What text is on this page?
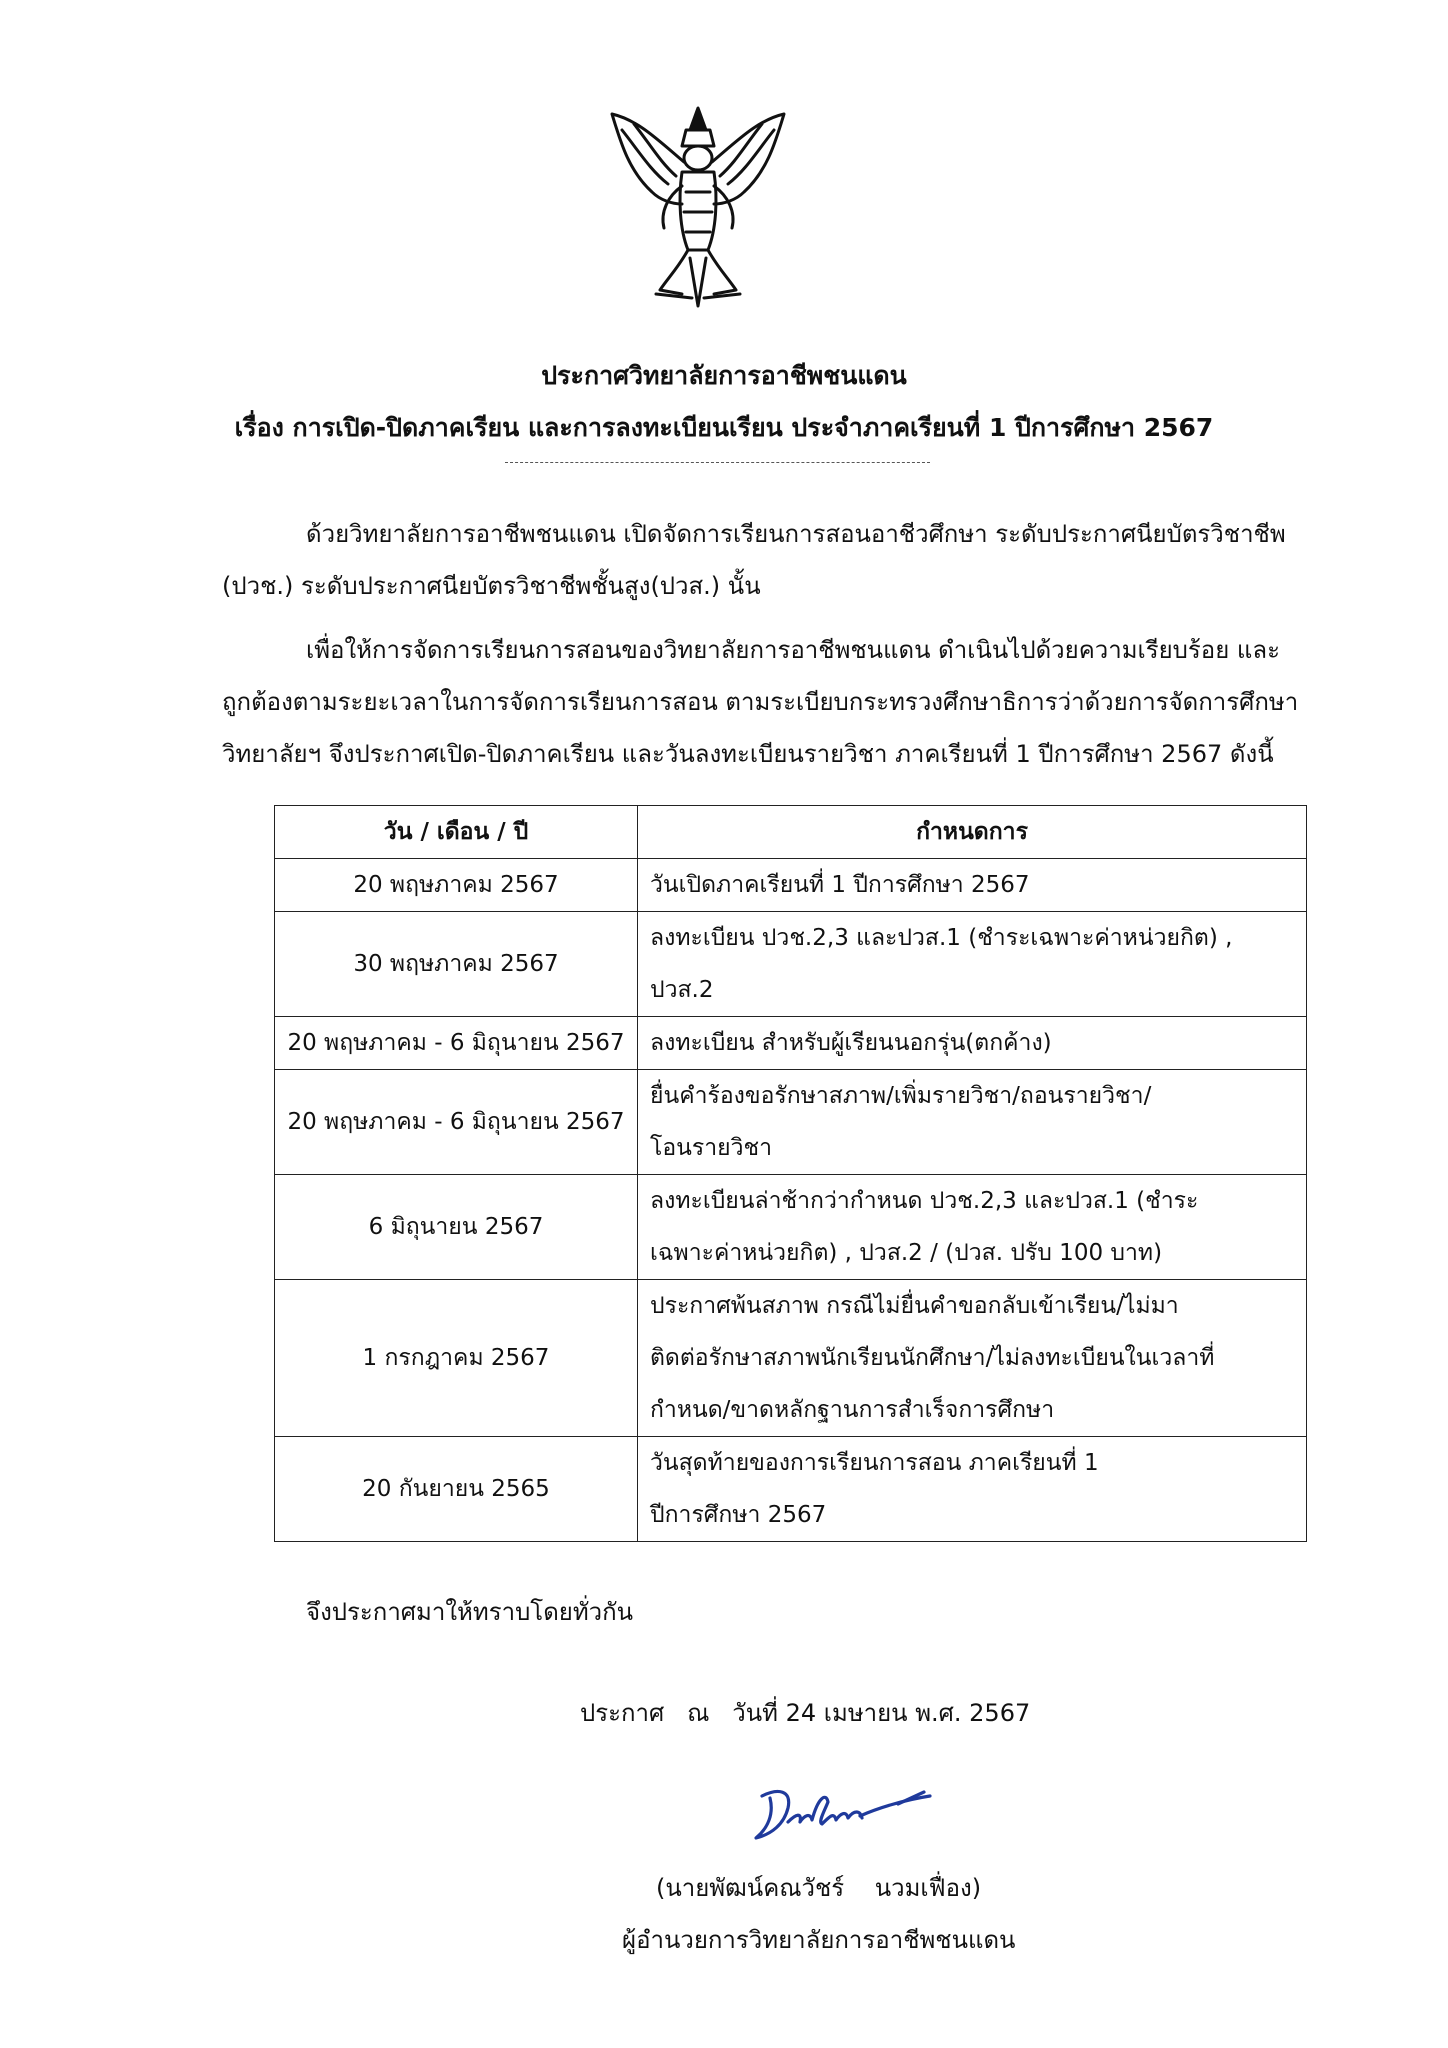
ประกาศวิทยาลัยการอาชีพชนแดน
เรื่อง การเปิด-ปิดภาคเรียน และการลงทะเบียนเรียน ประจำภาคเรียนที่ 1 ปีการศึกษา 2567
ด้วยวิทยาลัยการอาชีพชนแดน เปิดจัดการเรียนการสอนอาชีวศึกษา ระดับประกาศนียบัตรวิชาชีพ
(ปวช.) ระดับประกาศนียบัตรวิชาชีพชั้นสูง(ปวส.) นั้น
เพื่อให้การจัดการเรียนการสอนของวิทยาลัยการอาชีพชนแดน ดำเนินไปด้วยความเรียบร้อย และ
ถูกต้องตามระยะเวลาในการจัดการเรียนการสอน ตามระเบียบกระทรวงศึกษาธิการว่าด้วยการจัดการศึกษา
วิทยาลัยฯ จึงประกาศเปิด-ปิดภาคเรียน และวันลงทะเบียนรายวิชา ภาคเรียนที่ 1 ปีการศึกษา 2567 ดังนี้
วัน / เดือน / ปี	กำหนดการ
20 พฤษภาคม 2567	วันเปิดภาคเรียนที่ 1 ปีการศึกษา 2567

30 พฤษภาคม 2567	ลงทะเบียน ปวช.2,3 และปวส.1 (ชำระเฉพาะค่าหน่วยกิต) ,
ปวส.2

20 พฤษภาคม - 6 มิถุนายน 2567	ลงทะเบียน สำหรับผู้เรียนนอกรุ่น(ตกค้าง)

20 พฤษภาคม - 6 มิถุนายน 2567	ยื่นคำร้องขอรักษาสภาพ/เพิ่มรายวิชา/ถอนรายวิชา/
โอนรายวิชา

6 มิถุนายน 2567	ลงทะเบียนล่าช้ากว่ากำหนด ปวช.2,3 และปวส.1 (ชำระ
เฉพาะค่าหน่วยกิต) , ปวส.2 / (ปวส. ปรับ 100 บาท)

1 กรกฎาคม 2567	ประกาศพ้นสภาพ กรณีไม่ยื่นคำขอกลับเข้าเรียน/ไม่มา
ติดต่อรักษาสภาพนักเรียนนักศึกษา/ไม่ลงทะเบียนในเวลาที่
กำหนด/ขาดหลักฐานการสำเร็จการศึกษา

20 กันยายน 2565	วันสุดท้ายของการเรียนการสอน ภาคเรียนที่ 1
ปีการศึกษา 2567
จึงประกาศมาให้ทราบโดยทั่วกัน
ประกาศ   ณ   วันที่ 24 เมษายน พ.ศ. 2567
(นายพัฒน์คณวัชร์    นวมเฟื่อง)
ผู้อำนวยการวิทยาลัยการอาชีพชนแดน
